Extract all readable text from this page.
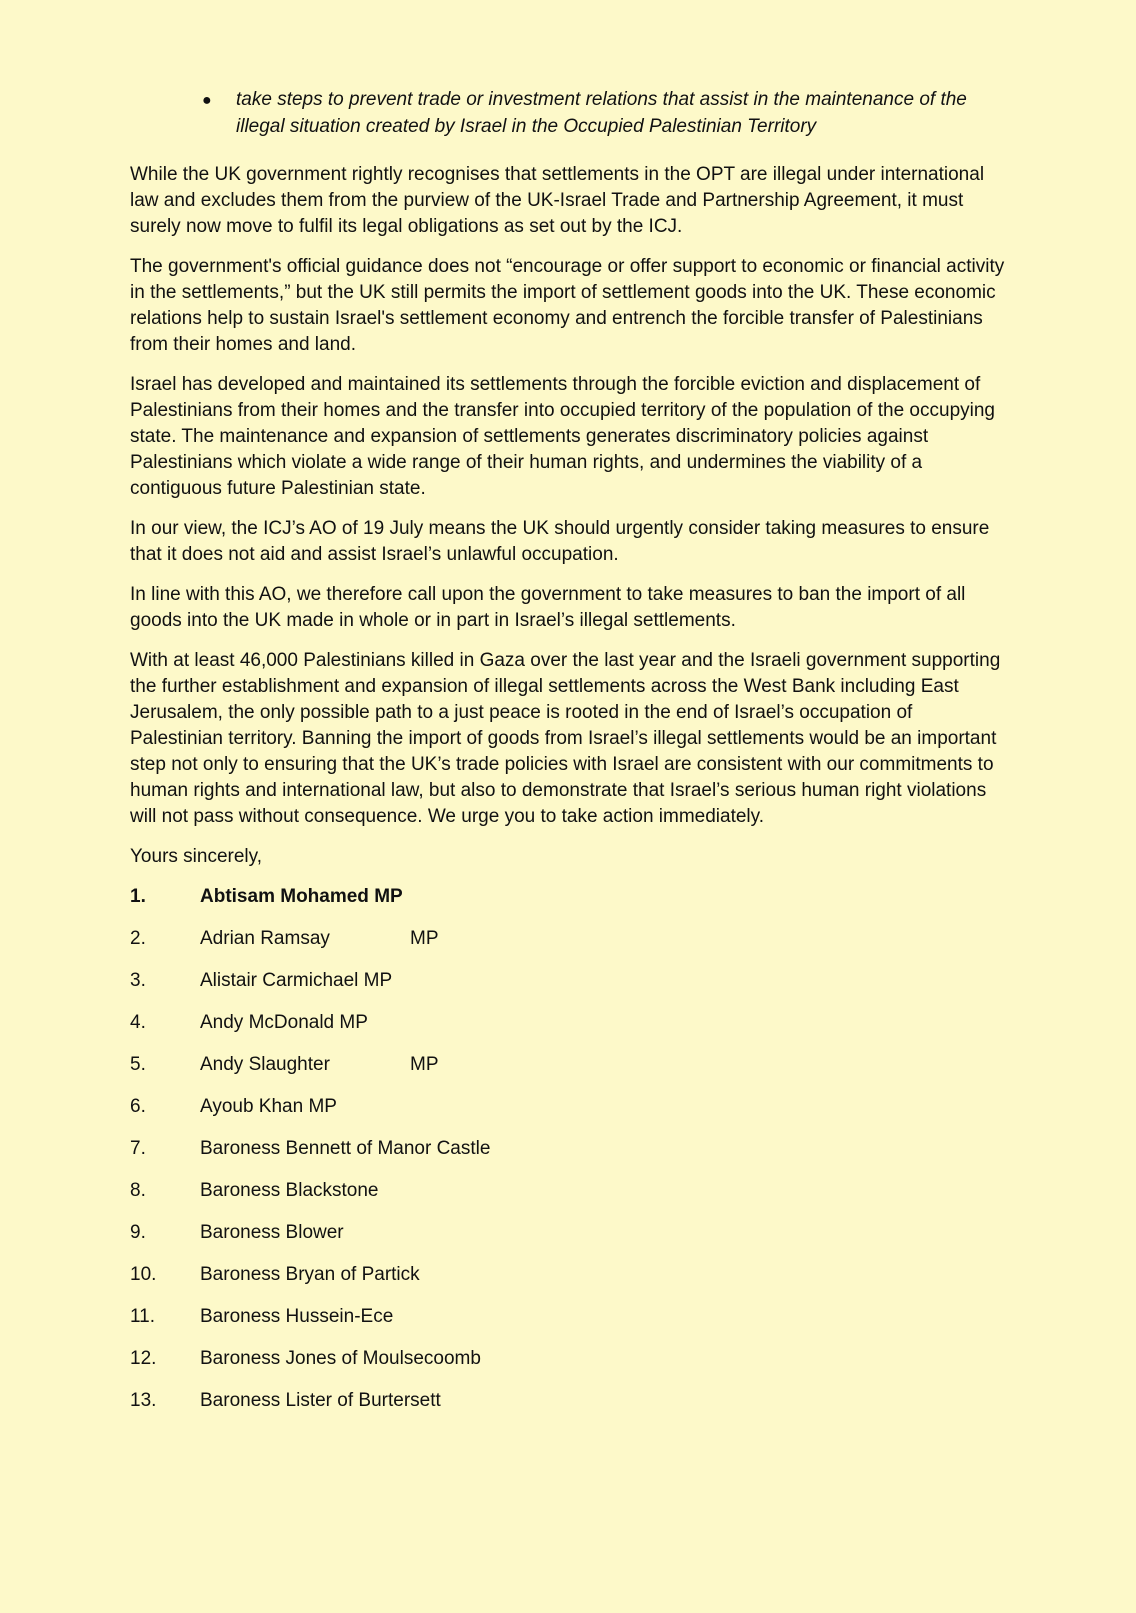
●	take steps to prevent trade or investment relations that assist in the maintenance of the illegal situation created by Israel in the Occupied Palestinian Territory

While the UK government rightly recognises that settlements in the OPT are illegal under international law and excludes them from the purview of the UK-Israel Trade and Partnership Agreement, it must surely now move to fulfil its legal obligations as set out by the ICJ.

The government's official guidance does not “encourage or offer support to economic or financial activity in the settlements,” but the UK still permits the import of settlement goods into the UK. These economic relations help to sustain Israel's settlement economy and entrench the forcible transfer of Palestinians from their homes and land.

Israel has developed and maintained its settlements through the forcible eviction and displacement of Palestinians from their homes and the transfer into occupied territory of the population of the occupying state. The maintenance and expansion of settlements generates discriminatory policies against Palestinians which violate a wide range of their human rights, and undermines the viability of a contiguous future Palestinian state.

In our view, the ICJ’s AO of 19 July means the UK should urgently consider taking measures to ensure that it does not aid and assist Israel’s unlawful occupation.

In line with this AO, we therefore call upon the government to take measures to ban the import of all goods into the UK made in whole or in part in Israel’s illegal settlements.

With at least 46,000 Palestinians killed in Gaza over the last year and the Israeli government supporting the further establishment and expansion of illegal settlements across the West Bank including East Jerusalem, the only possible path to a just peace is rooted in the end of Israel’s occupation of Palestinian territory. Banning the import of goods from Israel’s illegal settlements would be an important step not only to ensuring that the UK’s trade policies with Israel are consistent with our commitments to human rights and international law, but also to demonstrate that Israel’s serious human right violations will not pass without consequence. We urge you to take action immediately.

Yours sincerely,
1.	Abtisam Mohamed MP
2.	Adrian Ramsay	MP
3.	Alistair Carmichael MP
4.	Andy McDonald MP
5.	Andy Slaughter	MP
6.	Ayoub Khan MP
7.	Baroness Bennett of Manor Castle
8.	Baroness Blackstone
9.	Baroness Blower
10.	Baroness Bryan of Partick
11.	Baroness Hussein-Ece
12.	Baroness Jones of Moulsecoomb
13.	Baroness Lister of Burtersett
